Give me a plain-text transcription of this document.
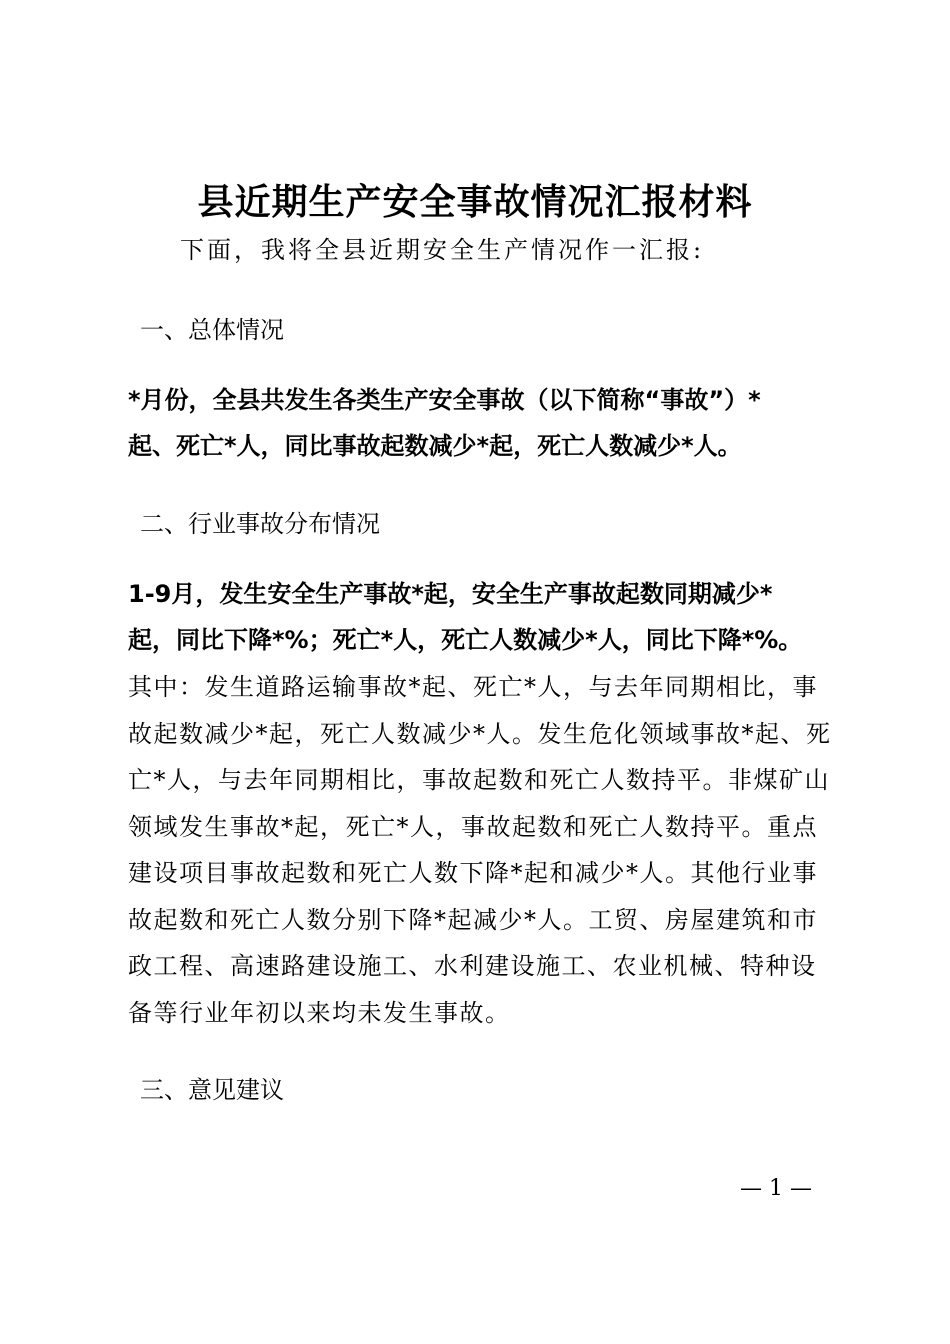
县近期生产安全事故情况汇报材料
下面，我将全县近期安全生产情况作一汇报:
一、总体情况
*月份，全县共发生各类生产安全事故（以下简称“事故”）*
起、死亡*人，同比事故起数减少*起，死亡人数减少*人。
二、行业事故分布情况
1-9月，发生安全生产事故*起，安全生产事故起数同期减少*
起，同比下降*%；死亡*人，死亡人数减少*人，同比下降*%。
其中：发生道路运输事故*起、死亡*人，与去年同期相比，事
故起数减少*起，死亡人数减少*人。发生危化领域事故*起、死
亡*人，与去年同期相比，事故起数和死亡人数持平。非煤矿山
领域发生事故*起，死亡*人，事故起数和死亡人数持平。重点
建设项目事故起数和死亡人数下降*起和减少*人。其他行业事
故起数和死亡人数分别下降*起减少*人。工贸、房屋建筑和市
政工程、高速路建设施工、水利建设施工、农业机械、特种设
备等行业年初以来均未发生事故。
三、意见建议
— 1 —
